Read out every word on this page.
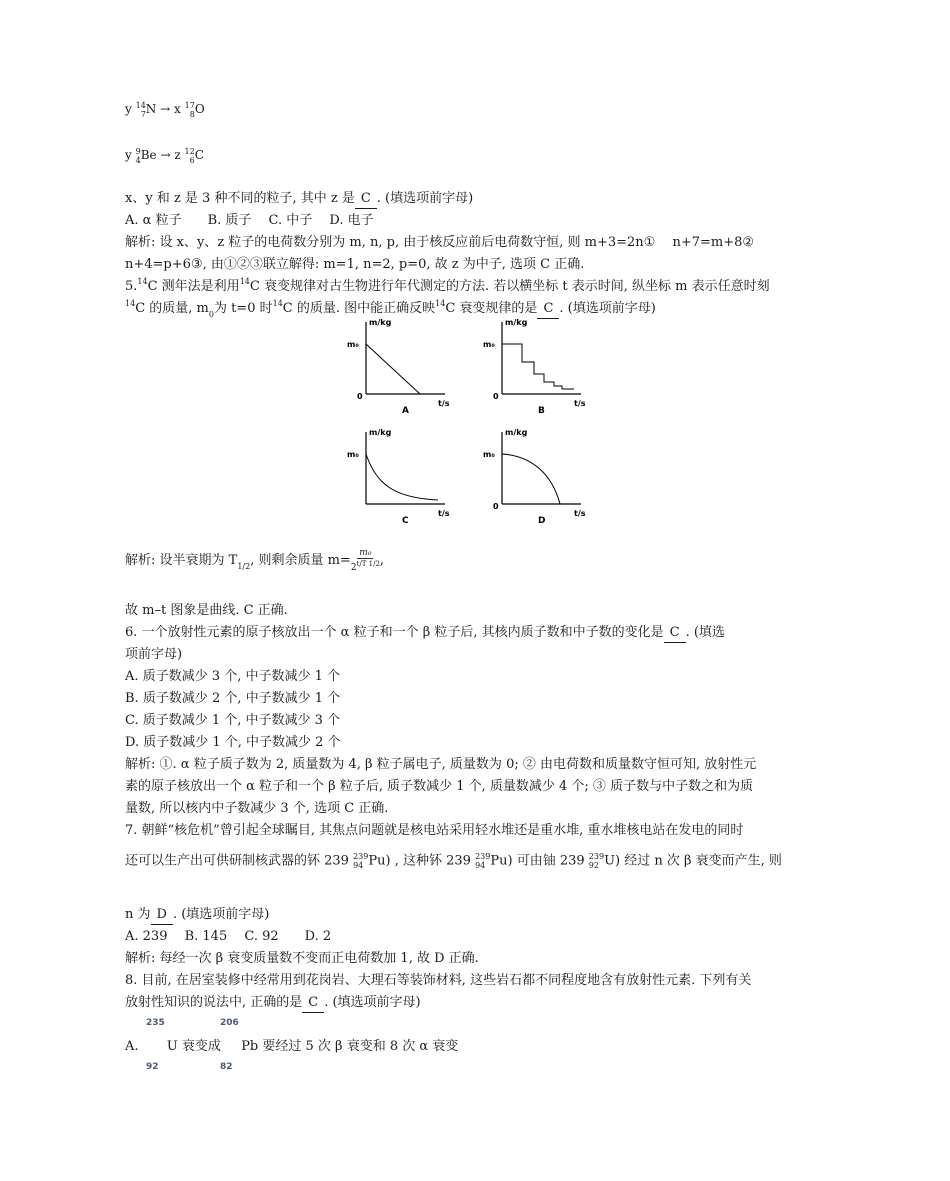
y 14
7 N → x 17
8 O
y 9
4 Be → z 12
6 C
x、y 和 z 是 3 种不同的粒子, 其中 z 是 C . (填选项前字母)
A. α 粒子　　B. 质子　 C. 中子　 D. 电子
解析: 设 x、y、z 粒子的电荷数分别为 m, n, p, 由于核反应前后电荷数守恒, 则 m+3=2n①　 n+7=m+8②
n+4=p+6③, 由①②③联立解得: m=1, n=2, p=0, 故 z 为中子, 选项 C 正确.
5.14C 测年法是利用$^{14}$C 衰变规律对古生物进行年代测定的方法. 若以横坐标 t 表示时间, 纵坐标 m 表示任意时刻
$^{14}$C 的质量, $m_0$为 t=0 时$^{14}$C 的质量. 图中能正确反映$^{14}$C 衰变规律的是 C . (填选项前字母)
m/kg
m₀
0
t/s
A
m/kg
m₀
0
t/s
B
m/kg
m₀
t/s
C
m/kg
m₀
0
t/s
D
解析: 设半衰期为 $T_{1/2}$, 则剩余质量 $m= \frac{\text{m₀}}{2^{t/T 1/2}}$ ,
故 m–t 图象是曲线. C 正确.
6. 一个放射性元素的原子核放出一个 α 粒子和一个 β 粒子后, 其核内质子数和中子数的变化是 C . (填选
项前字母)
A. 质子数减少 3 个, 中子数减少 1 个
B. 质子数减少 2 个, 中子数减少 1 个
C. 质子数减少 1 个, 中子数减少 3 个
D. 质子数减少 1 个, 中子数减少 2 个
解析: ①. α 粒子质子数为 2, 质量数为 4, β 粒子属电子, 质量数为 0; ② 由电荷数和质量数守恒可知, 放射性元
素的原子核放出一个 α 粒子和一个 β 粒子后, 质子数减少 1 个, 质量数减少 4 个; ③ 质子数与中子数之和为质
量数, 所以核内中子数减少 3 个, 选项 C 正确.
7. 朝鲜“核危机”曾引起全球瞩目, 其焦点问题就是核电站采用轻水堆还是重水堆, 重水堆核电站在发电的同时
还可以生产出可供研制核武器的钚 239 239
94 Pu) , 这种钚 239 239
94 Pu) 可由铀 239 239
92 U) 经过 n 次 β 衰变而产生, 则
n 为 D . (填选项前字母)
A. 239　 B. 145　 C. 92　　D. 2
解析: 每经一次 β 衰变质量数不变而正电荷数加 1, 故 D 正确.
8. 目前, 在居室装修中经常用到花岗岩、大理石等装饰材料, 这些岩石都不同程度地含有放射性元素. 下列有关
放射性知识的说法中, 正确的是 C . (填选项前字母)
235	206
A. U 衰变成 Pb 要经过 5 次 β 衰变和 8 次 α 衰变
92	82
